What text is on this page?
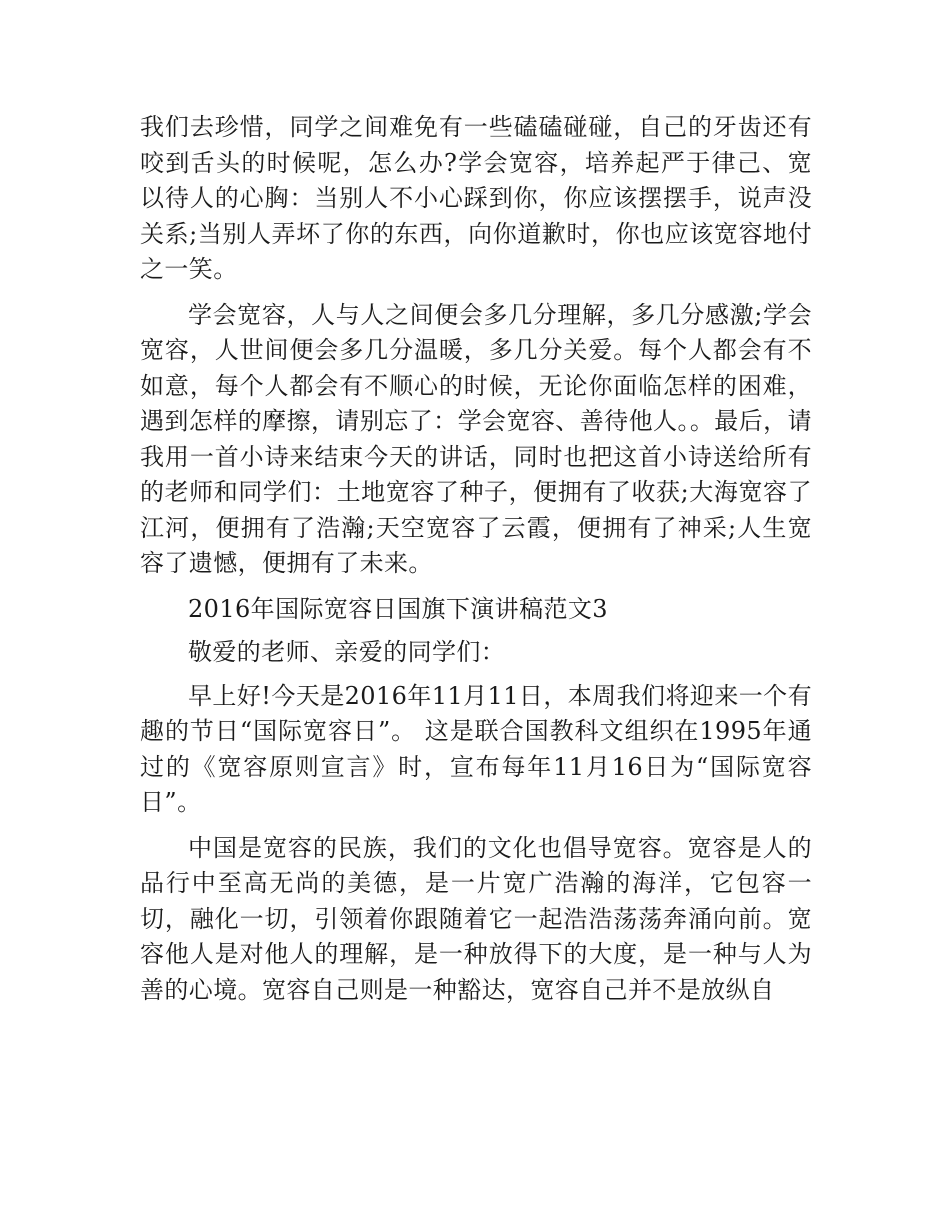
我们去珍惜，同学之间难免有一些磕磕碰碰，自己的牙齿还有咬到舌头的时候呢，怎么办?学会宽容，培养起严于律己、宽以待人的心胸：当别人不小心踩到你，你应该摆摆手，说声没关系;当别人弄坏了你的东西，向你道歉时，你也应该宽容地付之一笑。

学会宽容，人与人之间便会多几分理解，多几分感激;学会宽容，人世间便会多几分温暖，多几分关爱。每个人都会有不如意，每个人都会有不顺心的时候，无论你面临怎样的困难，遇到怎样的摩擦，请别忘了：学会宽容、善待他人。。最后，请我用一首小诗来结束今天的讲话，同时也把这首小诗送给所有的老师和同学们：土地宽容了种子，便拥有了收获;大海宽容了江河，便拥有了浩瀚;天空宽容了云霞，便拥有了神采;人生宽容了遗憾，便拥有了未来。

2016年国际宽容日国旗下演讲稿范文3

敬爱的老师、亲爱的同学们：

早上好!今天是2016年11月11日，本周我们将迎来一个有趣的节日“国际宽容日”。 这是联合国教科文组织在1995年通过的《宽容原则宣言》时，宣布每年11月16日为“国际宽容日”。

中国是宽容的民族，我们的文化也倡导宽容。宽容是人的品行中至高无尚的美德，是一片宽广浩瀚的海洋，它包容一切，融化一切，引领着你跟随着它一起浩浩荡荡奔涌向前。宽容他人是对他人的理解，是一种放得下的大度，是一种与人为善的心境。宽容自己则是一种豁达，宽容自己并不是放纵自
